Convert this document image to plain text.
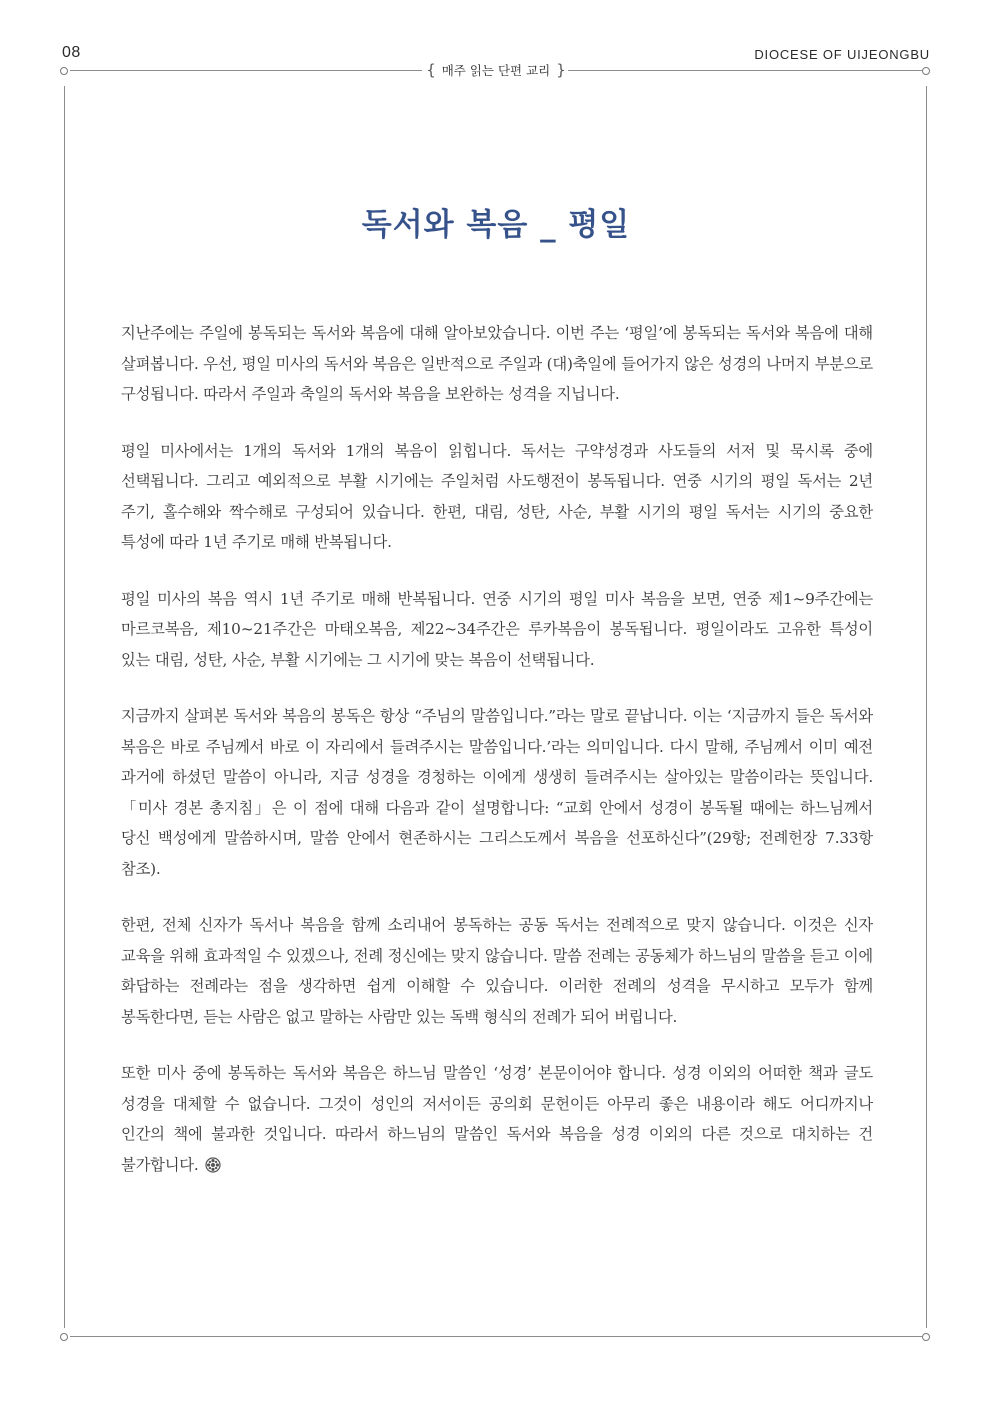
08	DIOCESE OF UIJEONGBU
{ 매주 읽는 단편 교리 }
독서와 복음 _ 평일

지난주에는 주일에 봉독되는 독서와 복음에 대해 알아보았습니다. 이번 주는 ‘평일’에 봉독되는 독서와 복음에 대해 살펴봅니다. 우선, 평일 미사의 독서와 복음은 일반적으로 주일과 (대)축일에 들어가지 않은 성경의 나머지 부분으로 구성됩니다. 따라서 주일과 축일의 독서와 복음을 보완하는 성격을 지닙니다.

평일 미사에서는 1개의 독서와 1개의 복음이 읽힙니다. 독서는 구약성경과 사도들의 서저 및 묵시록 중에 선택됩니다. 그리고 예외적으로 부활 시기에는 주일처럼 사도행전이 봉독됩니다. 연중 시기의 평일 독서는 2년 주기, 홀수해와 짝수해로 구성되어 있습니다. 한편, 대림, 성탄, 사순, 부활 시기의 평일 독서는 시기의 중요한 특성에 따라 1년 주기로 매해 반복됩니다.

평일 미사의 복음 역시 1년 주기로 매해 반복됩니다. 연중 시기의 평일 미사 복음을 보면, 연중 제1~9주간에는 마르코복음, 제10~21주간은 마태오복음, 제22~34주간은 루카복음이 봉독됩니다. 평일이라도 고유한 특성이 있는 대림, 성탄, 사순, 부활 시기에는 그 시기에 맞는 복음이 선택됩니다.

지금까지 살펴본 독서와 복음의 봉독은 항상 “주님의 말씀입니다.”라는 말로 끝납니다. 이는 ‘지금까지 들은 독서와 복음은 바로 주님께서 바로 이 자리에서 들려주시는 말씀입니다.’라는 의미입니다. 다시 말해, 주님께서 이미 예전 과거에 하셨던 말씀이 아니라, 지금 성경을 경청하는 이에게 생생히 들려주시는 살아있는 말씀이라는 뜻입니다. 「미사 경본 총지침」은 이 점에 대해 다음과 같이 설명합니다: “교회 안에서 성경이 봉독될 때에는 하느님께서 당신 백성에게 말씀하시며, 말씀 안에서 현존하시는 그리스도께서 복음을 선포하신다”(29항; 전례헌장 7.33항 참조).

한편, 전체 신자가 독서나 복음을 함께 소리내어 봉독하는 공동 독서는 전례적으로 맞지 않습니다. 이것은 신자 교육을 위해 효과적일 수 있겠으나, 전례 정신에는 맞지 않습니다. 말씀 전례는 공동체가 하느님의 말씀을 듣고 이에 화답하는 전례라는 점을 생각하면 쉽게 이해할 수 있습니다. 이러한 전례의 성격을 무시하고 모두가 함께 봉독한다면, 듣는 사람은 없고 말하는 사람만 있는 독백 형식의 전례가 되어 버립니다.

또한 미사 중에 봉독하는 독서와 복음은 하느님 말씀인 ‘성경’ 본문이어야 합니다. 성경 이외의 어떠한 책과 글도 성경을 대체할 수 없습니다. 그것이 성인의 저서이든 공의회 문헌이든 아무리 좋은 내용이라 해도 어디까지나 인간의 책에 불과한 것입니다. 따라서 하느님의 말씀인 독서와 복음을 성경 이외의 다른 것으로 대치하는 건 불가합니다.
